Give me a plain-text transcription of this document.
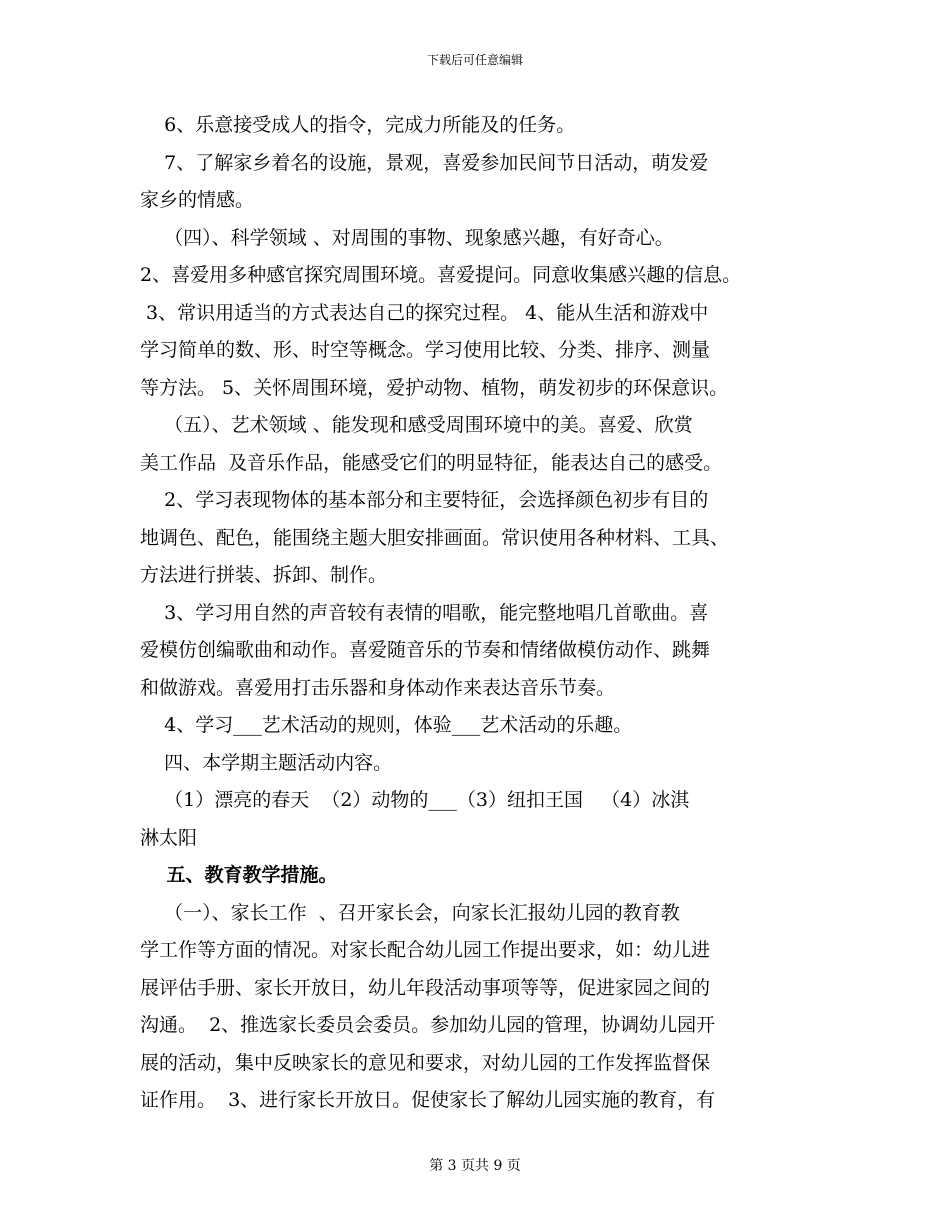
下载后可任意编辑
6、乐意接受成人的指令，完成力所能及的任务。
7、了解家乡着名的设施，景观，喜爱参加民间节日活动，萌发爱
家乡的情感。
（四）、科学领域 、对周围的事物、现象感兴趣，有好奇心。
2、喜爱用多种感官探究周围环境。喜爱提问。同意收集感兴趣的信息。
3、常识用适当的方式表达自己的探究过程。 4、能从生活和游戏中
学习简单的数、形、时空等概念。学习使用比较、分类、排序、测量
等方法。 5、关怀周围环境，爱护动物、植物，萌发初步的环保意识。
（五）、艺术领域 、能发现和感受周围环境中的美。喜爱、欣赏
美工作品  及音乐作品，能感受它们的明显特征，能表达自己的感受。
2、学习表现物体的基本部分和主要特征，会选择颜色初步有目的
地调色、配色，能围绕主题大胆安排画面。常识使用各种材料、工具、
方法进行拼装、拆卸、制作。
3、学习用自然的声音较有表情的唱歌，能完整地唱几首歌曲。喜
爱模仿创编歌曲和动作。喜爱随音乐的节奏和情绪做模仿动作、跳舞
和做游戏。喜爱用打击乐器和身体动作来表达音乐节奏。
4、学习___艺术活动的规则，体验___艺术活动的乐趣。
四、本学期主题活动内容。
（1）漂亮的春天  （2）动物的___（3）纽扣王国   （4）冰淇
淋太阳
五、教育教学措施。
（一）、家长工作  、召开家长会，向家长汇报幼儿园的教育教
学工作等方面的情况。对家长配合幼儿园工作提出要求，如：幼儿进
展评估手册、家长开放日，幼儿年段活动事项等等，促进家园之间的
沟通。  2、推选家长委员会委员。参加幼儿园的管理，协调幼儿园开
展的活动，集中反映家长的意见和要求，对幼儿园的工作发挥监督保
证作用。  3、进行家长开放日。促使家长了解幼儿园实施的教育，有
第 3 页共 9 页
